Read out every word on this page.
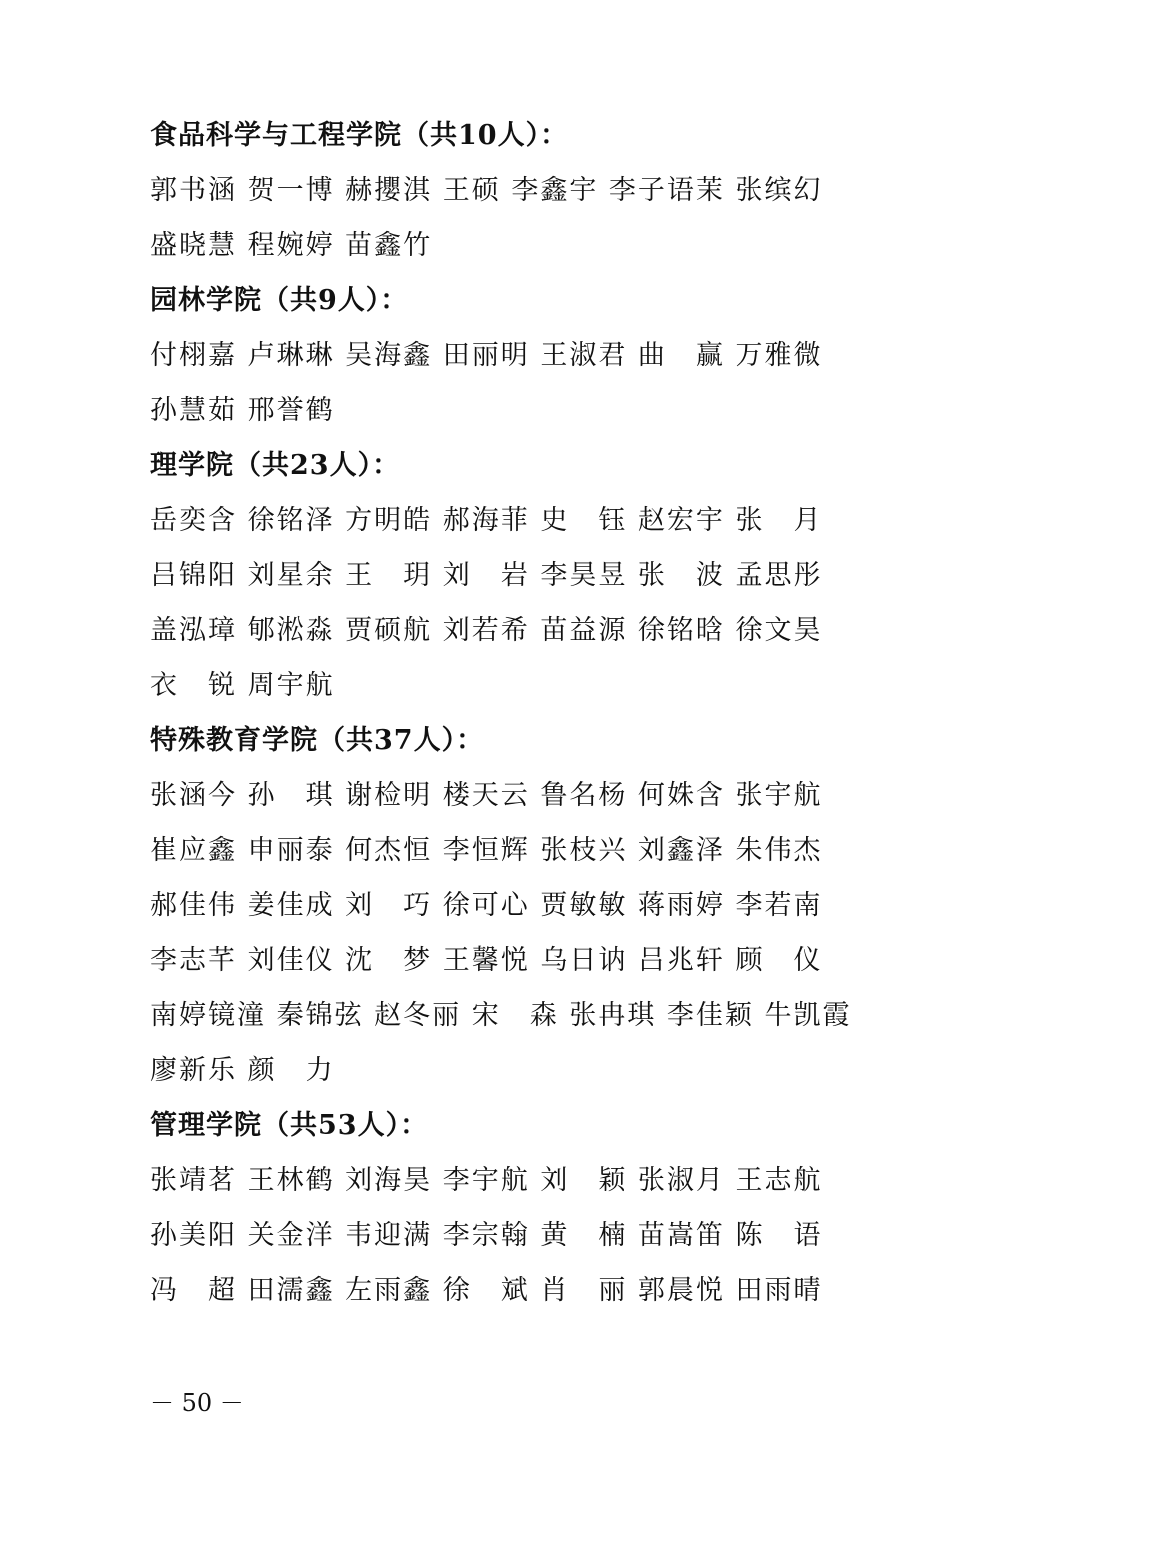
食品科学与工程学院（共10人）：
郭书涵 贺一博 赫攖淇 王硕 李鑫宇 李子语茉 张缤幻
盛晓慧 程婉婷 苗鑫竹
园林学院（共9人）：
付栩嘉 卢琳琳 吴海鑫 田丽明 王淑君 曲　赢 万雅微
孙慧茹 邢誉鹤
理学院（共23人）：
岳奕含 徐铭泽 方明皓 郝海菲 史　钰 赵宏宇 张　月
吕锦阳 刘星余 王　玥 刘　岩 李昊昱 张　波 孟思彤
盖泓璋 郇淞淼 贾硕航 刘若希 苗益源 徐铭晗 徐文昊
衣　锐 周宇航
特殊教育学院（共37人）：
张涵今 孙　琪 谢检明 楼天云 鲁名杨 何姝含 张宇航
崔应鑫 申丽泰 何杰恒 李恒辉 张枝兴 刘鑫泽 朱伟杰
郝佳伟 姜佳成 刘　巧 徐可心 贾敏敏 蒋雨婷 李若南
李志芊 刘佳仪 沈　梦 王馨悦 乌日讷 吕兆轩 顾　仪
南婷镜潼 秦锦弦 赵冬丽 宋　森 张冉琪 李佳颖 牛凯霞
廖新乐 颜　力
管理学院（共53人）：
张靖茗 王林鹤 刘海昊 李宇航 刘　颖 张淑月 王志航
孙美阳 关金洋 韦迎满 李宗翰 黄　楠 苗嵩笛 陈　语
冯　超 田濡鑫 左雨鑫 徐　斌 肖　丽 郭晨悦 田雨晴
－ 50 －
